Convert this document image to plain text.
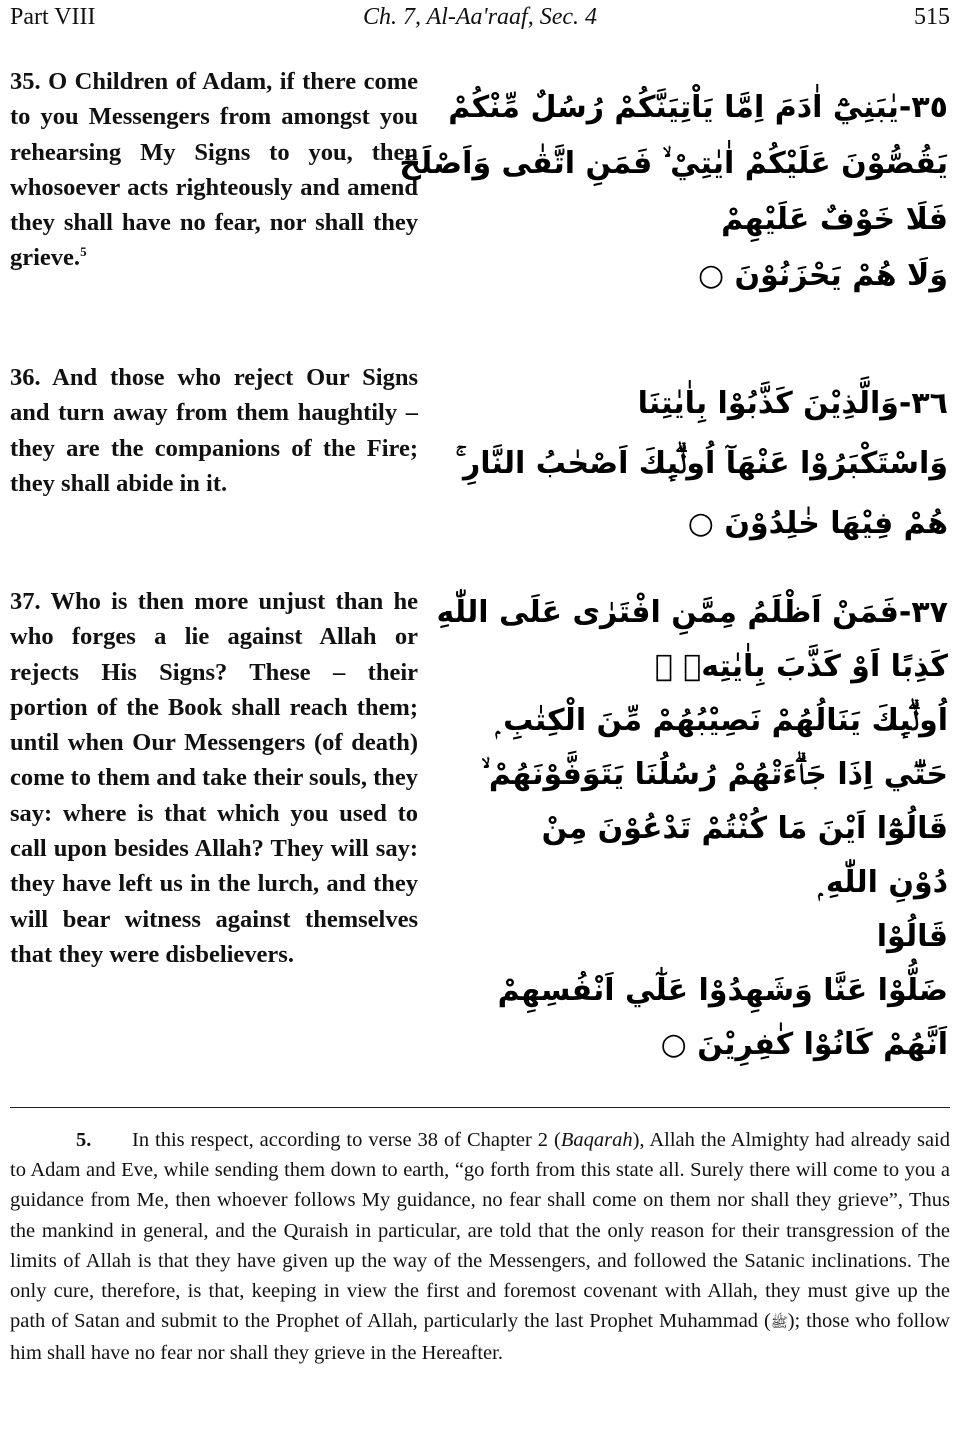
Part VIII	Ch. 7, Al-Aa'raaf, Sec. 4	515

35. O Children of Adam, if there come to you Messengers from amongst you rehearsing My Signs to you, then whosoever acts righteously and amend they shall have no fear, nor shall they grieve.$^5$

٣٥-يٰبَنِيْٓ اٰدَمَ اِمَّا يَاْتِيَنَّكُمْ رُسُلٌ مِّنْكُمْ
يَقُصُّوْنَ عَلَيْكُمْ اٰيٰتِيْ ۙ فَمَنِ اتَّقٰى وَاَصْلَحَ
فَلَا خَوْفٌ عَلَيْهِمْ
وَلَا هُمْ يَحْزَنُوْنَ ○

36. And those who reject Our Signs and turn away from them haughtily – they are the companions of the Fire; they shall abide in it.

٣٦-وَالَّذِيْنَ كَذَّبُوْا بِاٰيٰتِنَا
وَاسْتَكْبَرُوْا عَنْهَآ اُولٰۗىِٕكَ اَصْحٰبُ النَّارِ ۚ
هُمْ فِيْهَا خٰلِدُوْنَ ○

37. Who is then more unjust than he who forges a lie against Allah or rejects His Signs? These – their portion of the Book shall reach them; until when Our Messengers (of death) come to them and take their souls, they say: where is that which you used to call upon besides Allah? They will say: they have left us in the lurch, and they will bear witness against themselves that they were disbelievers.

٣٧-فَمَنْ اَظْلَمُ مِمَّنِ افْتَرٰى عَلَى اللّٰهِ
كَذِبًا اَوْ كَذَّبَ بِاٰيٰتِهٖ ۭ
اُولٰۗىِٕكَ يَنَالُهُمْ نَصِيْبُهُمْ مِّنَ الْكِتٰبِ ۭ
حَتّٰٓي اِذَا جَاۗءَتْهُمْ رُسُلُنَا يَتَوَفَّوْنَهُمْ ۙ
قَالُوْٓا اَيْنَ مَا كُنْتُمْ تَدْعُوْنَ مِنْ
دُوْنِ اللّٰهِ ۭ
قَالُوْا
ضَلُّوْا عَنَّا وَشَهِدُوْا عَلٰٓي اَنْفُسِهِمْ
اَنَّهُمْ كَانُوْا كٰفِرِيْنَ ○

5. In this respect, according to verse 38 of Chapter 2 (Baqarah), Allah the Almighty had already said to Adam and Eve, while sending them down to earth, “go forth from this state all. Surely there will come to you a guidance from Me, then whoever follows My guidance, no fear shall come on them nor shall they grieve”, Thus the mankind in general, and the Quraish in particular, are told that the only reason for their transgression of the limits of Allah is that they have given up the way of the Messengers, and followed the Satanic inclinations. The only cure, therefore, is that, keeping in view the first and foremost covenant with Allah, they must give up the path of Satan and submit to the Prophet of Allah, particularly the last Prophet Muhammad (ﷺ); those who follow him shall have no fear nor shall they grieve in the Hereafter.
